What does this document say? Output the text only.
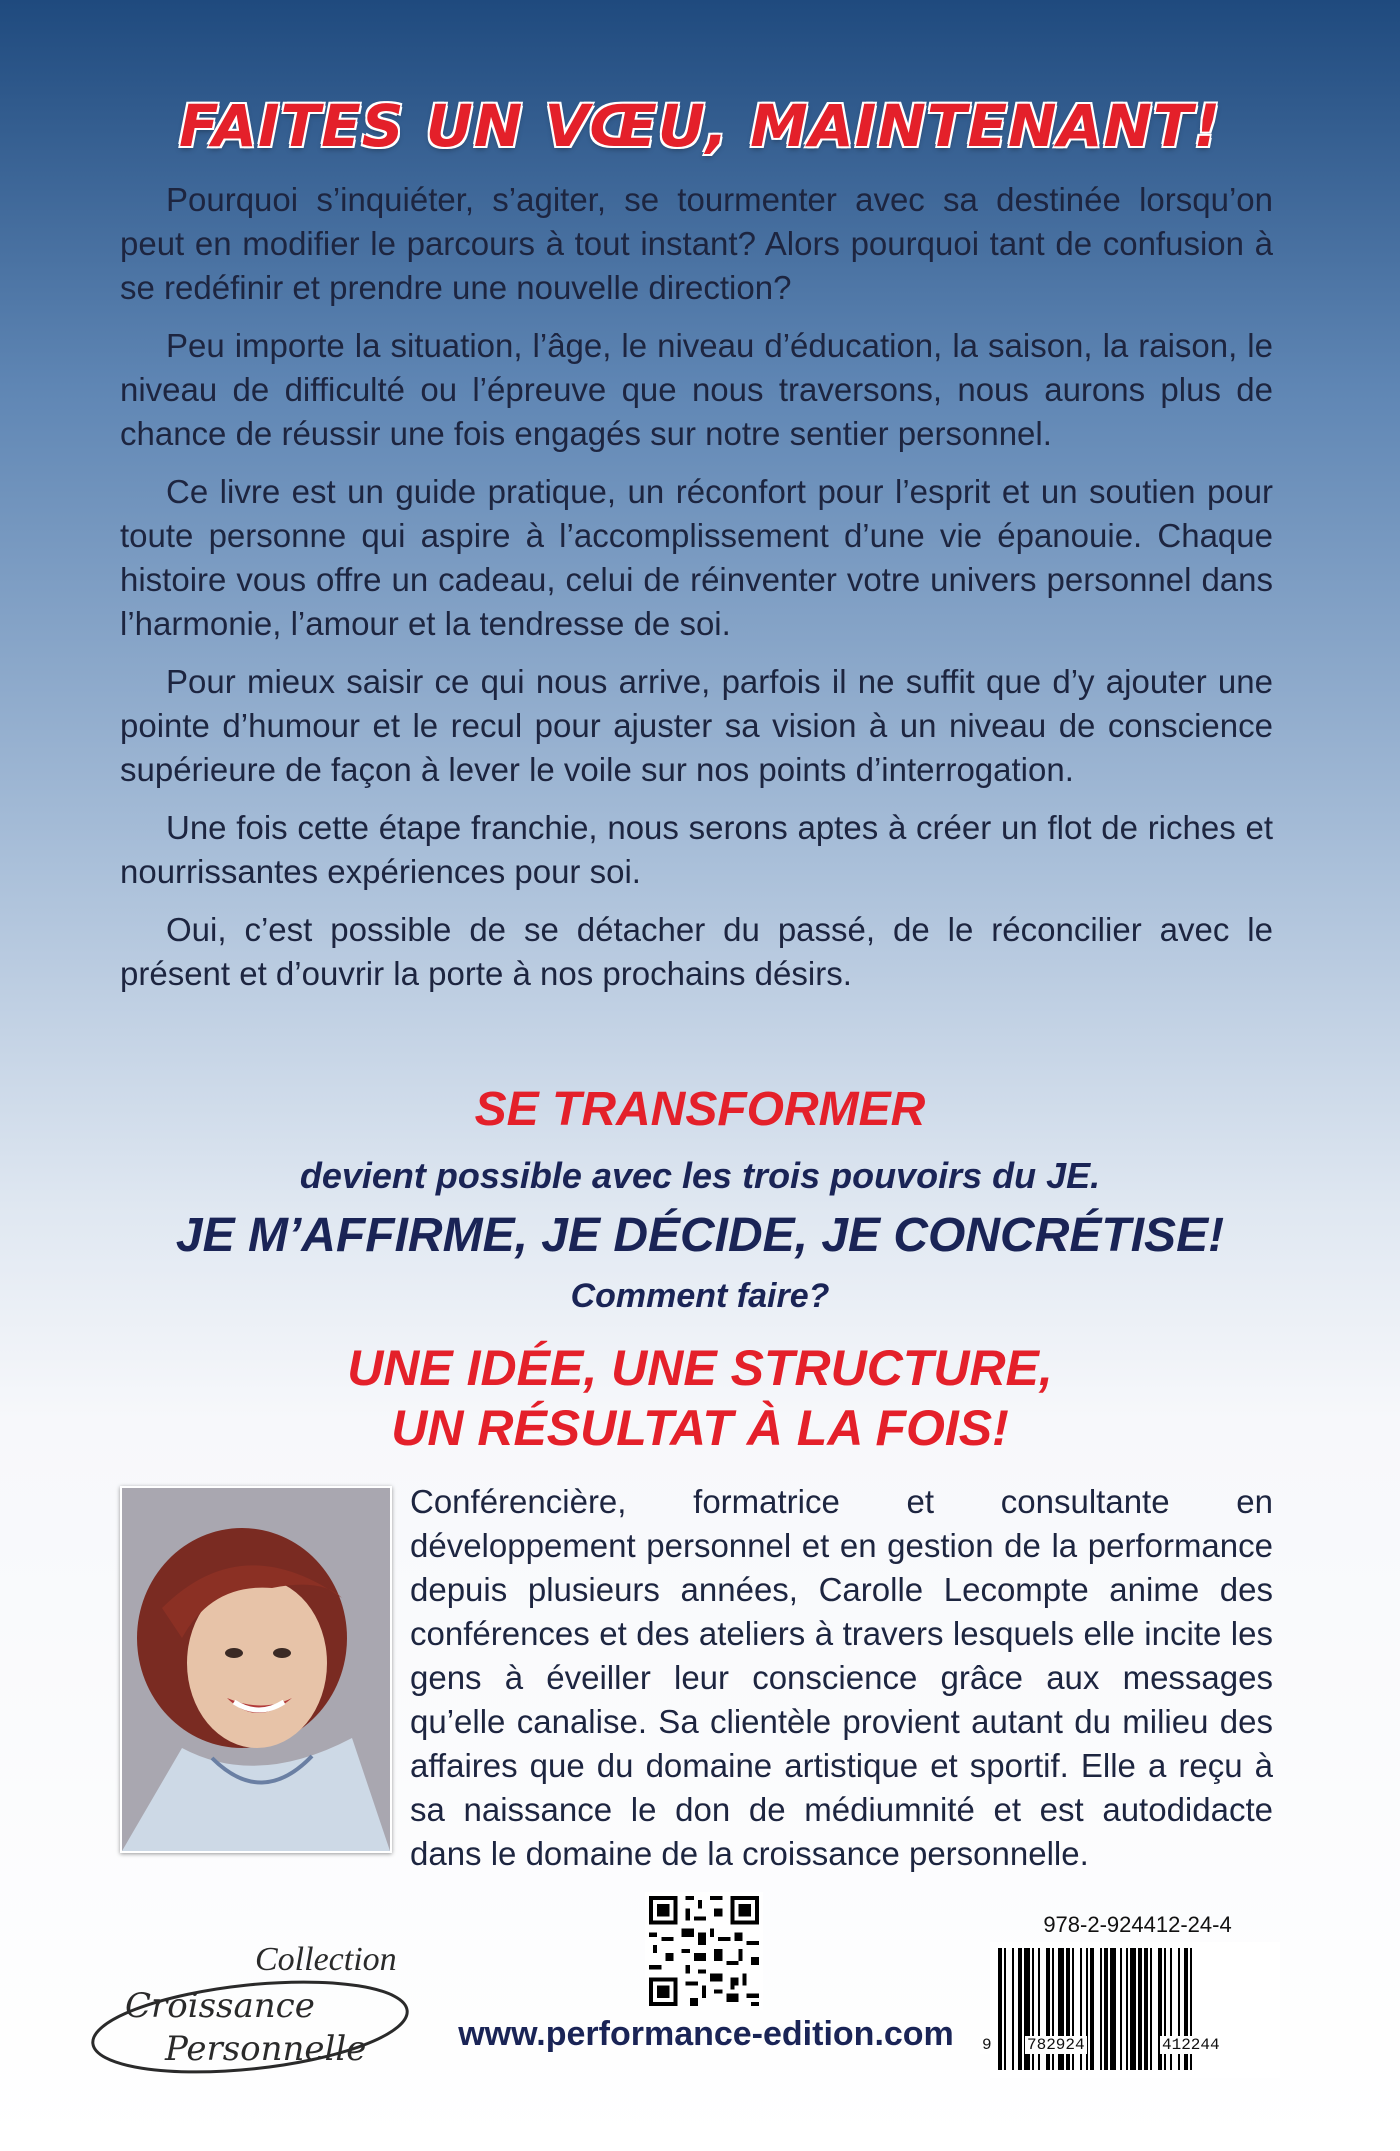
FAITES UN VŒU, MAINTENANT!

Pourquoi s’inquiéter, s’agiter, se tourmenter avec sa destinée lorsqu’on peut en modifier le parcours à tout instant? Alors pourquoi tant de confusion à se redéfinir et prendre une nouvelle direction?

Peu importe la situation, l’âge, le niveau d’éducation, la saison, la raison, le niveau de difficulté ou l’épreuve que nous traversons, nous aurons plus de chance de réussir une fois engagés sur notre sentier personnel.

Ce livre est un guide pratique, un réconfort pour l’esprit et un soutien pour toute personne qui aspire à l’accomplissement d’une vie épanouie. Chaque histoire vous offre un cadeau, celui de réinventer votre univers personnel dans l’harmonie, l’amour et la tendresse de soi.

Pour mieux saisir ce qui nous arrive, parfois il ne suffit que d’y ajouter une pointe d’humour et le recul pour ajuster sa vision à un niveau de conscience supérieure de façon à lever le voile sur nos points d’interrogation.

Une fois cette étape franchie, nous serons aptes à créer un flot de riches et nourrissantes expériences pour soi.

Oui, c’est possible de se détacher du passé, de le réconcilier avec le présent et d’ouvrir la porte à nos prochains désirs.

SE TRANSFORMER
devient possible avec les trois pouvoirs du JE.
JE M’AFFIRME, JE DÉCIDE, JE CONCRÉTISE!
Comment faire?
UNE IDÉE, UNE STRUCTURE,
UN RÉSULTAT À LA FOIS!
Conférencière, formatrice et consultante en développement personnel et en gestion de la performance depuis plusieurs années, Carolle Lecompte anime des conférences et des ateliers à travers lesquels elle incite les gens à éveiller leur conscience grâce aux messages qu’elle canalise. Sa clientèle provient autant du milieu des affaires que du domaine artistique et sportif. Elle a reçu à sa naissance le don de médiumnité et est autodidacte dans le domaine de la croissance personnelle.
Collection
Croissance
Personnelle	www.performance-edition.com
978-2-924412-24-4
9 782924	412244
